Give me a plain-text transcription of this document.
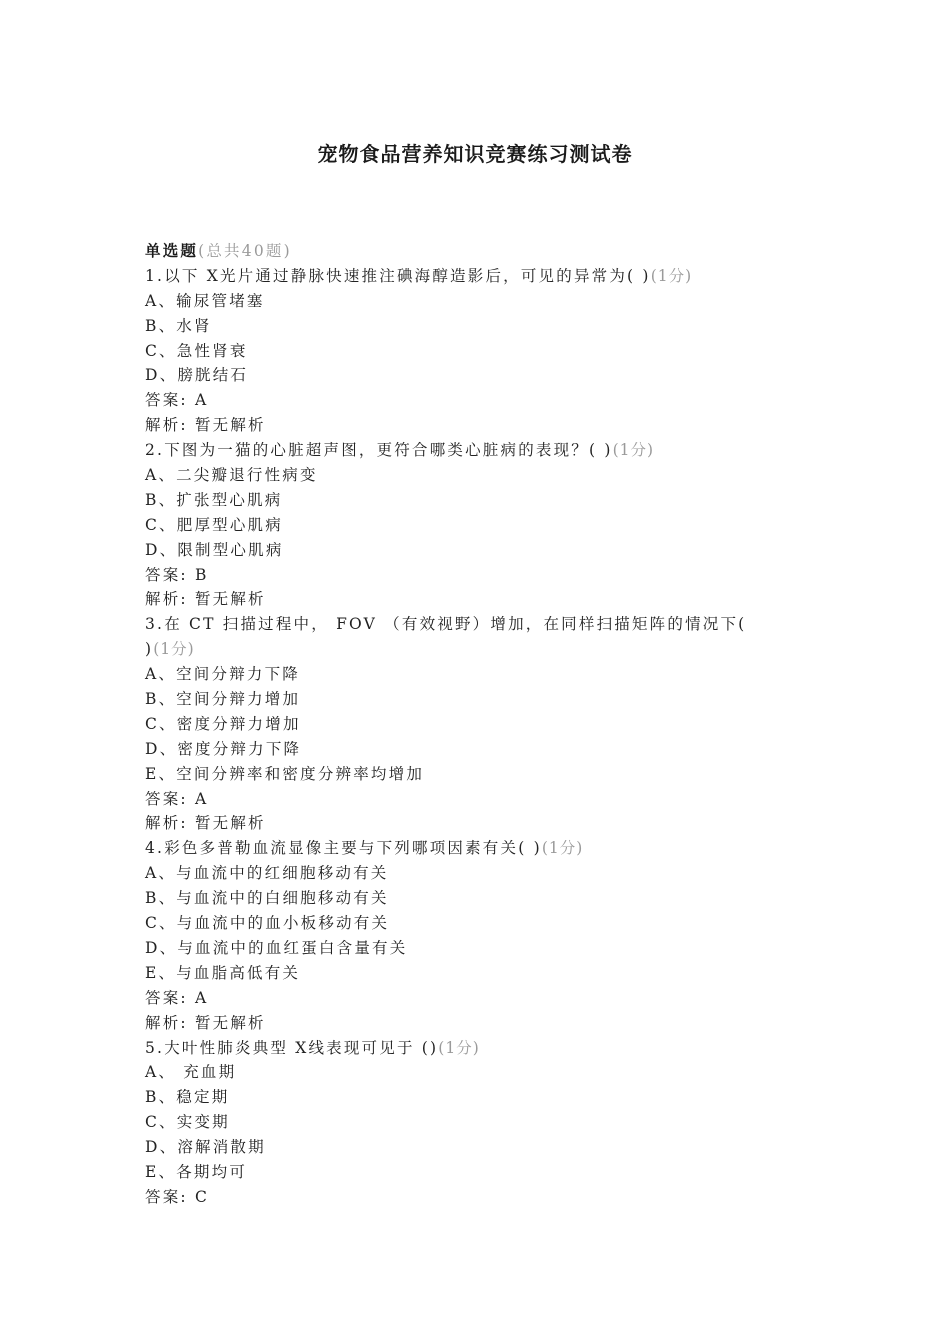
宠物食品营养知识竞赛练习测试卷
单选题(总共40题)
1.以下 X光片通过静脉快速推注碘海醇造影后，可见的异常为( )(1分)
A、输尿管堵塞
B、水肾
C、急性肾衰
D、膀胱结石
答案: A
解析: 暂无解析
2.下图为一猫的心脏超声图，更符合哪类心脏病的表现？( )(1分)
A、二尖瓣退行性病变
B、扩张型心肌病
C、肥厚型心肌病
D、限制型心肌病
答案: B
解析: 暂无解析
3.在 CT 扫描过程中， FOV （有效视野）增加，在同样扫描矩阵的情况下(
)(1分)
A、空间分辩力下降
B、空间分辩力增加
C、密度分辩力增加
D、密度分辩力下降
E、空间分辨率和密度分辨率均增加
答案: A
解析: 暂无解析
4.彩色多普勒血流显像主要与下列哪项因素有关( )(1分)
A、与血流中的红细胞移动有关
B、与血流中的白细胞移动有关
C、与血流中的血小板移动有关
D、与血流中的血红蛋白含量有关
E、与血脂高低有关
答案: A
解析: 暂无解析
5.大叶性肺炎典型 X线表现可见于 ()(1分)
A、 充血期
B、稳定期
C、实变期
D、溶解消散期
E、各期均可
答案: C
